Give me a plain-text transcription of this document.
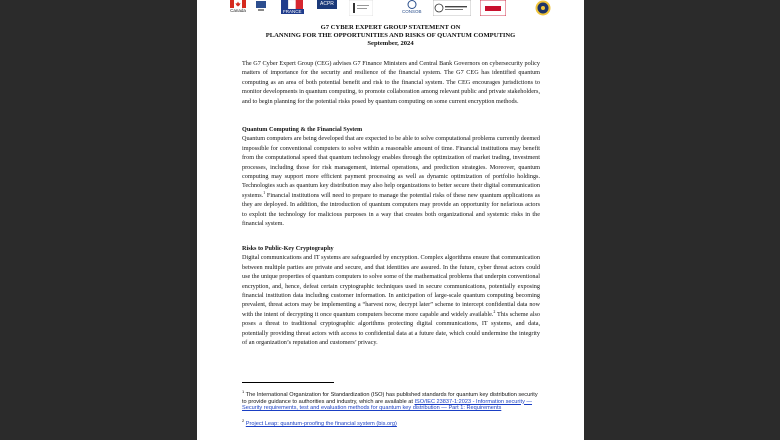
Canada	FRANCE
ACPR
CONSOB
G7 CYBER EXPERT GROUP STATEMENT ON
PLANNING FOR THE OPPORTUNITIES AND RISKS OF QUANTUM COMPUTING
September, 2024

The G7 Cyber Expert Group (CEG) advises G7 Finance Ministers and Central Bank Governors on cybersecurity policy matters of importance for the security and resilience of the financial system. The G7 CEG has identified quantum computing as an area of both potential benefit and risk to the financial system. The CEG encourages jurisdictions to monitor developments in quantum computing, to promote collaboration among relevant public and private stakeholders, and to begin planning for the potential risks posed by quantum computing on some current encryption methods.

Quantum Computing & the Financial System

Quantum computers are being developed that are expected to be able to solve computational problems currently deemed impossible for conventional computers to solve within a reasonable amount of time. Financial institutions may benefit from the computational speed that quantum technology enables through the optimization of market trading, investment processes, including those for risk management, internal operations, and prediction strategies. Moreover, quantum computing may support more efficient payment processing as well as dynamic optimization of portfolio holdings. Technologies such as quantum key distribution may also help organizations to better secure their digital communication systems.$^1$ Financial institutions will need to prepare to manage the potential risks of these new quantum applications as they are deployed. In addition, the introduction of quantum computers may provide an opportunity for nefarious actors to exploit the technology for malicious purposes in a way that creates both organizational and systemic risks in the financial system.

Risks to Public-Key Cryptography

Digital communications and IT systems are safeguarded by encryption. Complex algorithms ensure that communication between multiple parties are private and secure, and that identities are assured. In the future, cyber threat actors could use the unique properties of quantum computers to solve some of the mathematical problems that underpin conventional encryption, and, hence, defeat certain cryptographic techniques used in secure communications, potentially exposing financial institution data including customer information. In anticipation of large-scale quantum computing becoming prevalent, threat actors may be implementing a “harvest now, decrypt later” scheme to intercept confidential data now with the intent of decrypting it once quantum computers become more capable and widely available.$^2$ This scheme also poses a threat to traditional cryptographic algorithms protecting digital communications, IT systems, and data, potentially providing threat actors with access to confidential data at a future date, which could undermine the integrity of an organization’s reputation and customers’ privacy.

$^1$ The International Organization for Standardization (ISO) has published standards for quantum key distribution security to provide guidance to authorities and industry, which are available at ISO/IEC 23837-1:2023 - Information security — Security requirements, test and evaluation methods for quantum key distribution — Part 1: Requirements

$^2$ Project Leap: quantum-proofing the financial system (bis.org)
